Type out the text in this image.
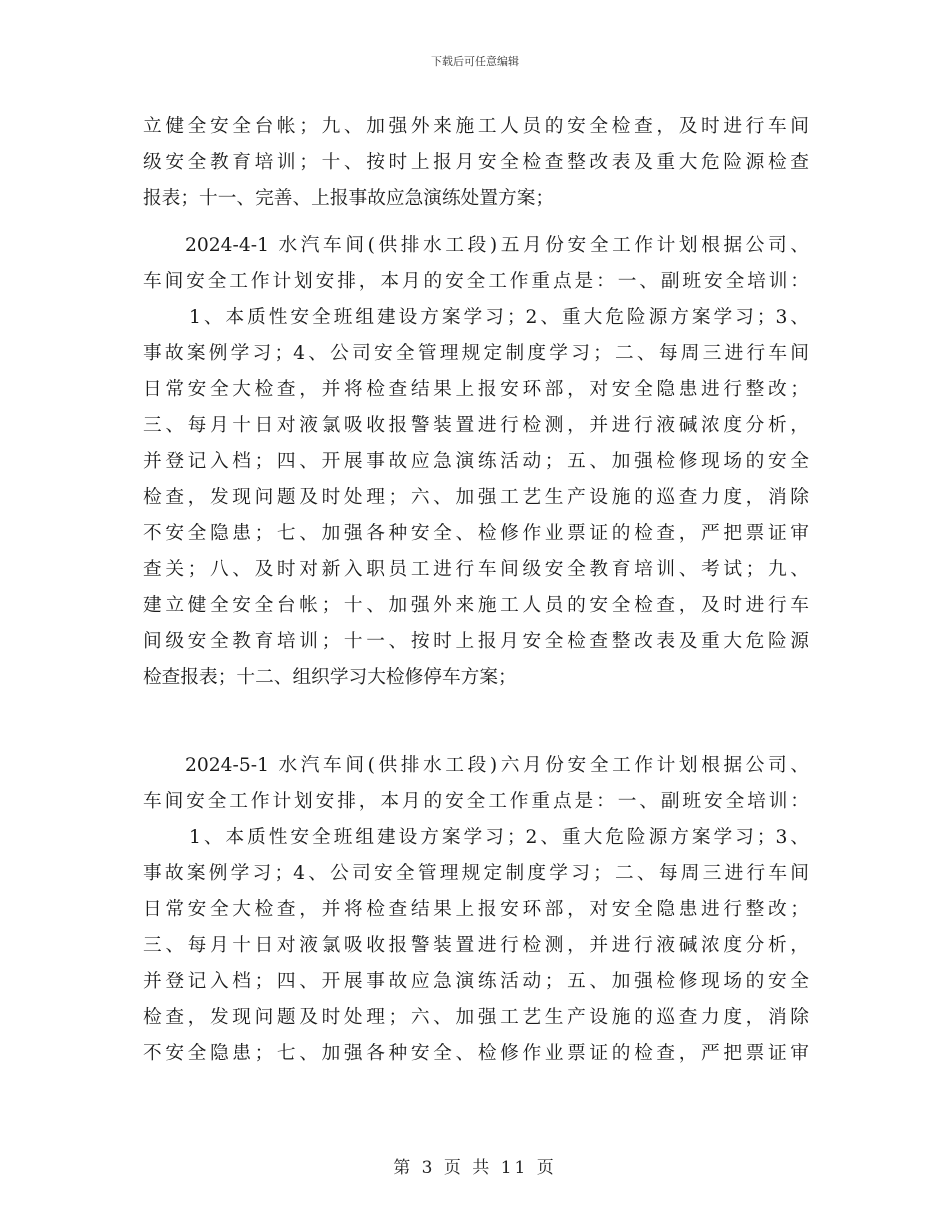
下载后可任意编辑
立健全安全台帐；九、加强外来施工人员的安全检查，及时进行车间
级安全教育培训；十、按时上报月安全检查整改表及重大危险源检查
报表；十一、完善、上报事故应急演练处置方案；
2024-4-1 水汽车间(供排水工段)五月份安全工作计划根据公司、
车间安全工作计划安排，本月的安全工作重点是：一、副班安全培训：
1、本质性安全班组建设方案学习；2、重大危险源方案学习；3、
事故案例学习；4、公司安全管理规定制度学习；二、每周三进行车间
日常安全大检查，并将检查结果上报安环部，对安全隐患进行整改；
三、每月十日对液氯吸收报警装置进行检测，并进行液碱浓度分析，
并登记入档；四、开展事故应急演练活动；五、加强检修现场的安全
检查，发现问题及时处理；六、加强工艺生产设施的巡查力度，消除
不安全隐患；七、加强各种安全、检修作业票证的检查，严把票证审
查关；八、及时对新入职员工进行车间级安全教育培训、考试；九、
建立健全安全台帐；十、加强外来施工人员的安全检查，及时进行车
间级安全教育培训；十一、按时上报月安全检查整改表及重大危险源
检查报表；十二、组织学习大检修停车方案；
2024-5-1 水汽车间(供排水工段)六月份安全工作计划根据公司、
车间安全工作计划安排，本月的安全工作重点是：一、副班安全培训：
1、本质性安全班组建设方案学习；2、重大危险源方案学习；3、
事故案例学习；4、公司安全管理规定制度学习；二、每周三进行车间
日常安全大检查，并将检查结果上报安环部，对安全隐患进行整改；
三、每月十日对液氯吸收报警装置进行检测，并进行液碱浓度分析，
并登记入档；四、开展事故应急演练活动；五、加强检修现场的安全
检查，发现问题及时处理；六、加强工艺生产设施的巡查力度，消除
不安全隐患；七、加强各种安全、检修作业票证的检查，严把票证审
第 3 页 共 11 页
